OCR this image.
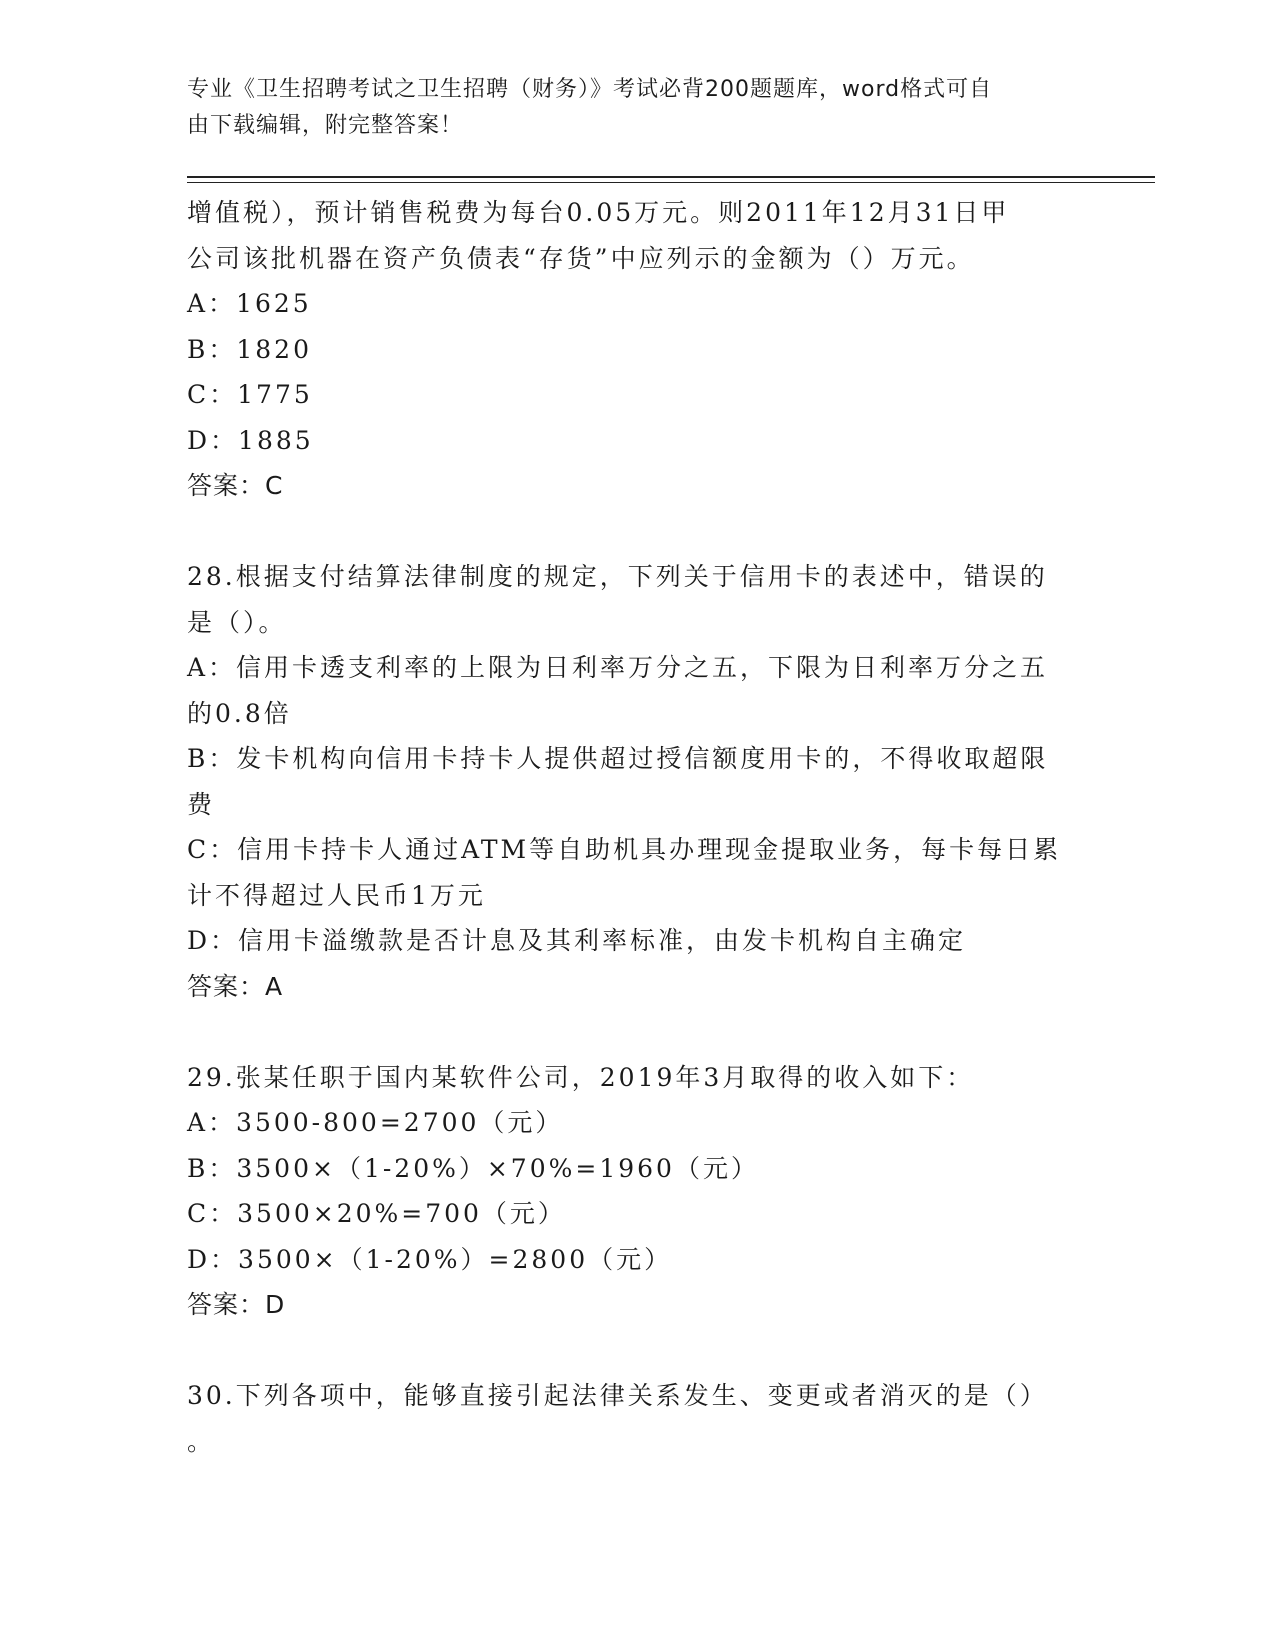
专业《卫生招聘考试之卫生招聘（财务）》考试必背200题题库，word格式可自
由下载编辑，附完整答案！
增值税），预计销售税费为每台0.05万元。则2011年12月31日甲
公司该批机器在资产负债表“存货”中应列示的金额为（）万元。
A：1625
B：1820
C：1775
D：1885
答案：C
28.根据支付结算法律制度的规定，下列关于信用卡的表述中，错误的
是（）。
A：信用卡透支利率的上限为日利率万分之五，下限为日利率万分之五
的0.8倍
B：发卡机构向信用卡持卡人提供超过授信额度用卡的，不得收取超限
费
C：信用卡持卡人通过ATM等自助机具办理现金提取业务，每卡每日累
计不得超过人民币1万元
D：信用卡溢缴款是否计息及其利率标准，由发卡机构自主确定
答案：A
29.张某任职于国内某软件公司，2019年3月取得的收入如下：
A：3500-800=2700（元）
B：3500×（1-20%）×70%=1960（元）
C：3500×20%=700（元）
D：3500×（1-20%）=2800（元）
答案：D
30.下列各项中，能够直接引起法律关系发生、变更或者消灭的是（）
。
